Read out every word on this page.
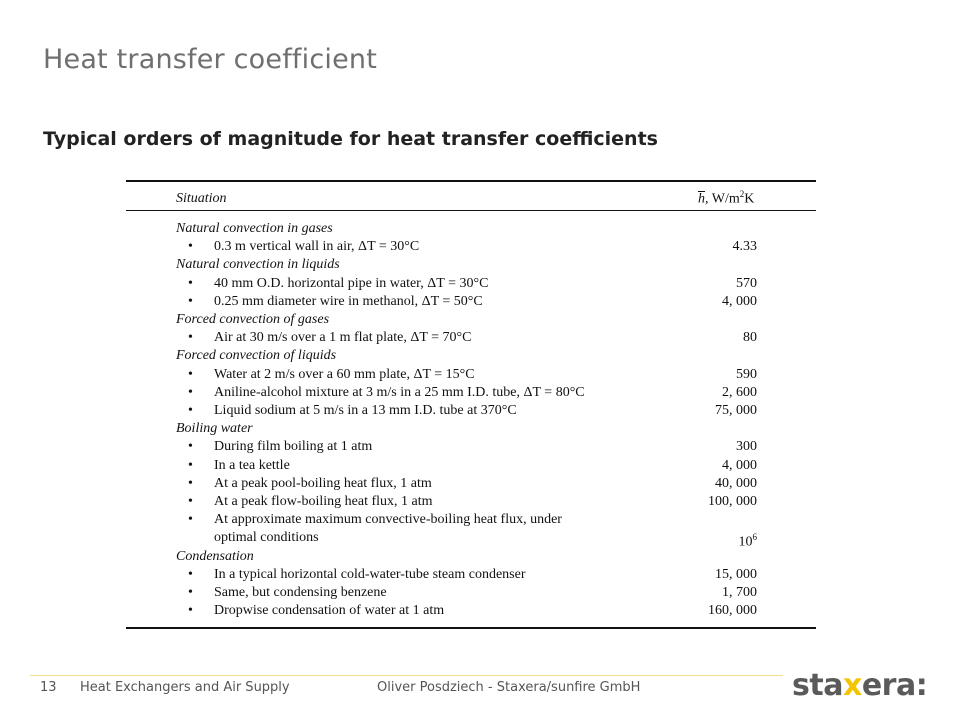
Heat transfer coefficient
Typical orders of magnitude for heat transfer coefficients
Situation	$\overline{h}$, $W/m^2K$
Natural convection in gases
• 0.3 m vertical wall in air, ΔT = 30°C	4.33
Natural convection in liquids
• 40 mm O.D. horizontal pipe in water, ΔT = 30°C	570
• 0.25 mm diameter wire in methanol, ΔT = 50°C	4, 000
Forced convection of gases
• Air at 30 m/s over a 1 m flat plate, ΔT = 70°C	80
Forced convection of liquids
• Water at 2 m/s over a 60 mm plate, ΔT = 15°C	590
• Aniline-alcohol mixture at 3 m/s in a 25 mm I.D. tube, ΔT = 80°C	2, 600
• Liquid sodium at 5 m/s in a 13 mm I.D. tube at 370°C	75, 000
Boiling water
• During film boiling at 1 atm	300
• In a tea kettle	4, 000
• At a peak pool-boiling heat flux, 1 atm	40, 000
• At a peak flow-boiling heat flux, 1 atm	100, 000
• At approximate maximum convective-boiling heat flux, under
optimal conditions	$10^6$
Condensation
• In a typical horizontal cold-water-tube steam condenser	15, 000
• Same, but condensing benzene	1, 700
• Dropwise condensation of water at 1 atm	160, 000
13 Heat Exchangers and Air Supply	Oliver Posdziech - Staxera/sunfire GmbH	staxera:
